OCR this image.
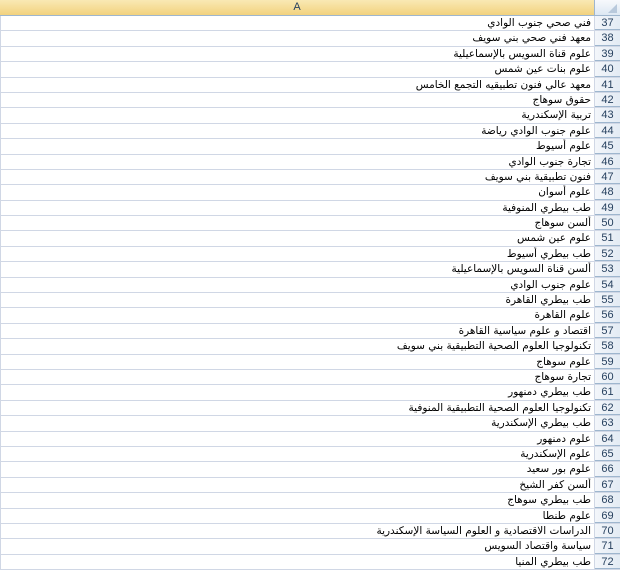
A
فني صحي جنوب الوادي 37
معهد فني صحي بني سويف 38
علوم قناة السويس بالإسماعيلية 39
علوم بنات عين شمس 40
معهد عالي فنون تطبيقيه التجمع الخامس 41
حقوق سوهاج 42
تربية الإسكندرية 43
علوم جنوب الوادي رياضة 44
علوم أسيوط 45
تجارة جنوب الوادي 46
فنون تطبيقية بني سويف 47
علوم أسوان 48
طب بيطري المنوفية 49
ألسن سوهاج 50
علوم عين شمس 51
طب بيطري أسيوط 52
ألسن قناة السويس بالإسماعيلية 53
علوم جنوب الوادي 54
طب بيطري القاهرة 55
علوم القاهرة 56
اقتصاد و علوم سياسية القاهرة 57
تكنولوجيا العلوم الصحية التطبيقية بني سويف 58
علوم سوهاج 59
تجارة سوهاج 60
طب بيطري دمنهور 61
تكنولوجيا العلوم الصحية التطبيقية المنوفية 62
طب بيطري الإسكندرية 63
علوم دمنهور 64
علوم الإسكندرية 65
علوم بور سعيد 66
ألسن كفر الشيخ 67
طب بيطري سوهاج 68
علوم طنطا 69
الدراسات الاقتصادية و العلوم السياسة الإسكندرية 70
سياسة واقتصاد السويس 71
طب بيطري المنيا 72
